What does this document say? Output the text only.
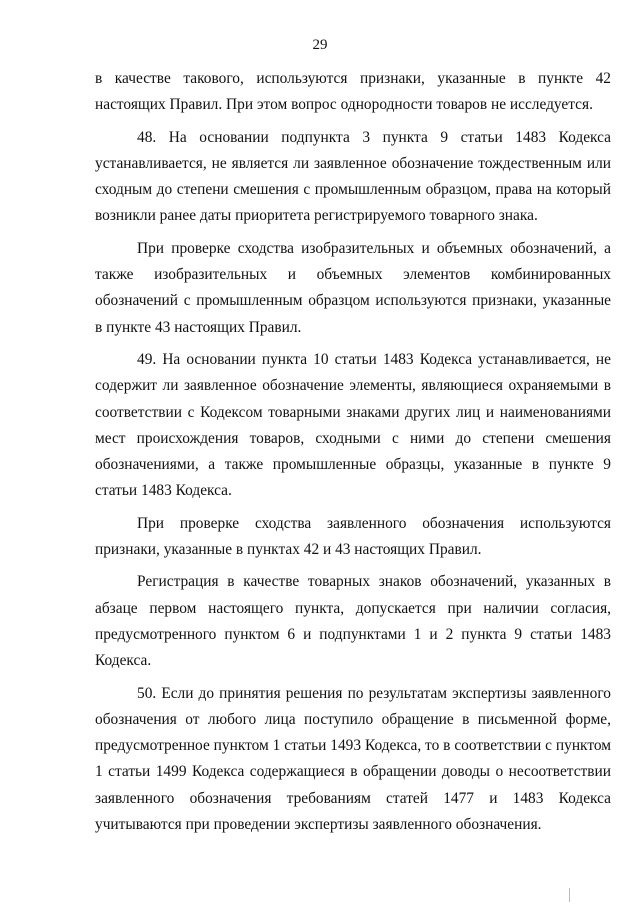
29

в качестве такового, используются признаки, указанные в пункте 42 настоящих Правил. При этом вопрос однородности товаров не исследуется.

48. На основании подпункта 3 пункта 9 статьи 1483 Кодекса устанавливается, не является ли заявленное обозначение тождественным или сходным до степени смешения с промышленным образцом, права на который возникли ранее даты приоритета регистрируемого товарного знака.

При проверке сходства изобразительных и объемных обозначений, а также изобразительных и объемных элементов комбинированных обозначений с промышленным образцом используются признаки, указанные в пункте 43 настоящих Правил.

49. На основании пункта 10 статьи 1483 Кодекса устанавливается, не содержит ли заявленное обозначение элементы, являющиеся охраняемыми в соответствии с Кодексом товарными знаками других лиц и наименованиями мест происхождения товаров, сходными с ними до степени смешения обозначениями, а также промышленные образцы, указанные в пункте 9 статьи 1483 Кодекса.

При проверке сходства заявленного обозначения используются признаки, указанные в пунктах 42 и 43 настоящих Правил.

Регистрация в качестве товарных знаков обозначений, указанных в абзаце первом настоящего пункта, допускается при наличии согласия, предусмотренного пунктом 6 и подпунктами 1 и 2 пункта 9 статьи 1483 Кодекса.

50. Если до принятия решения по результатам экспертизы заявленного обозначения от любого лица поступило обращение в письменной форме, предусмотренное пунктом 1 статьи 1493 Кодекса, то в соответствии с пунктом 1 статьи 1499 Кодекса содержащиеся в обращении доводы о несоответствии заявленного обозначения требованиям статей 1477 и 1483 Кодекса учитываются при проведении экспертизы заявленного обозначения.
